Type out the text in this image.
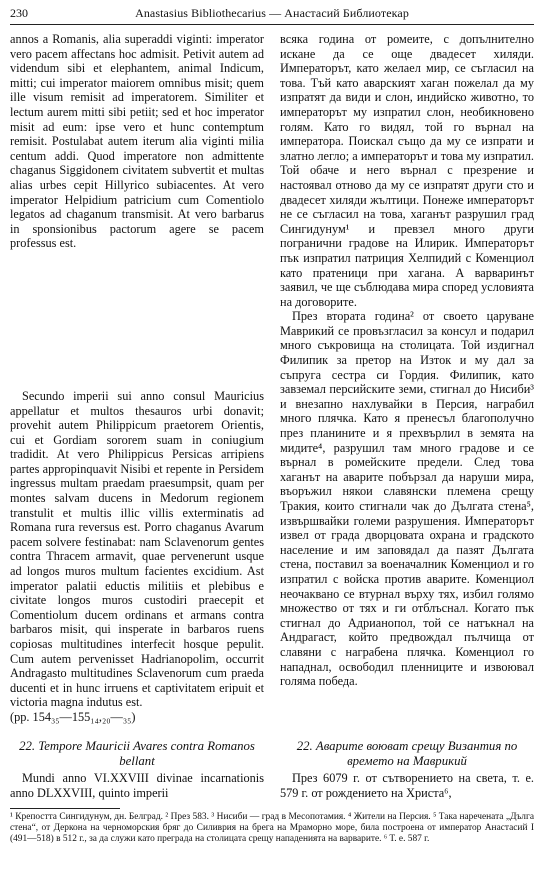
230	Anastasius Bibliothecarius — Анастасий Библиотекар

annos a Romanis, alia superaddi viginti: imperator vero pacem affectans hoc admisit. Petivit autem ad videndum sibi et elephantem, animal Indicum, mitti; cui imperator maiorem omnibus misit; quem ille visum remisit ad imperatorem. Similiter et lectum aurem mitti sibi petiit; sed et hoc imperator misit ad eum: ipse vero et hunc contemptum remisit. Postulabat autem iterum alia viginti milia centum addi. Quod imperatore non admittente chaganus Siggidonem civitatem subvertit et multas alias urbes cepit Hillyrico subiacentes. At vero imperator Helpidium patricium cum Comentiolo legatos ad chaganum transmisit. At vero barbarus in sponsionibus pactorum agere se pacem professus est.

Secundo imperii sui anno consul Mauricius appellatur et multos thesauros urbi donavit; provehit autem Philippicum praetorem Orientis, cui et Gordiam sororem suam in coniugium tradidit. At vero Philippicus Persicas arripiens partes appropinquavit Nisibi et repente in Persidem ingressus multam praedam praesumpsit, quam per montes salvam ducens in Medorum regionem transtulit et multis illic villis exterminatis ad Romana rura reversus est. Porro chaganus Avarum pacem solvere festinabat: nam Sclavenorum gentes contra Thracem armavit, quae pervenerunt usque ad longos muros multum facientes excidium. Ast imperator palatii eductis militiis et plebibus e civitate longos muros custodiri praecepit et Comentiolum ducem ordinans et armans contra barbaros misit, qui insperate in barbaros ruens copiosas multitudines interfecit hosque pepulit. Cum autem pervenisset Hadrianopolim, occurrit Andragasto multitudines Sclavenorum cum praeda ducenti et in hunc irruens et captivitatem eripuit et victoria magna indutus est.

(pp. 154₃₅—155₁₄,₂₀—₃₅)

всяка година от ромеите, с допълнително искане да се още двадесет хиляди. Императорът, като желаел мир, се съгласил на това. Тъй като аварският хаган пожелал да му изпратят да види и слон, индийско животно, то императорът му изпратил слон, необикновено голям. Като го видял, той го върнал на императора. Поискал също да му се изпрати и златно легло; а императорът и това му изпратил. Той обаче и него върнал с презрение и настоявал отново да му се изпратят други сто и двадесет хиляди жълтици. Понеже императорът не се съгласил на това, хаганът разрушил град Сингидунум¹ и превзел много други погранични градове на Илирик. Императорът пък изпратил патриция Хелпидий с Коменциол като пратеници при хагана. А варваринът заявил, че ще съблюдава мира според условията на договорите.

През втората година² от своето царуване Маврикий се провъзгласил за консул и подарил много съкровища на столицата. Той издигнал Филипик за претор на Изток и му дал за съпруга сестра си Гордия. Филипик, като завземал персийските земи, стигнал до Нисиби³ и внезапно нахлувайки в Персия, награбил много плячка. Като я пренесъл благополучно през планините и я прехвърлил в земята на мидите⁴, разрушил там много градове и се върнал в ромейските предели. След това хаганът на аварите побързал да наруши мира, въоръжил някои славянски племена срещу Тракия, които стигнали чак до Дългата стена⁵, извършвайки големи разрушения. Императорът извел от града дворцовата охрана и градското население и им заповядал да пазят Дългата стена, поставил за военачалник Коменциол и го изпратил с войска против аварите. Коменциол неочаквано се втурнал върху тях, избил голямо множество от тях и ги отблъснал. Когато пък стигнал до Адрианопол, той се натъкнал на Андрагаст, който предвождал пълчища от славяни с награбена плячка. Коменциол го нападнал, освободил пленниците и извоювал голяма победа.

22. Tempore Mauricii Avares contra Romanos bellant
22. Аварите воюват срещу Византия по времето на Маврикий

Mundi anno VI.XXVIII divinae incarnationis anno DLXXVIII, quinto imperii

През 6079 г. от сътворението на света, т. е. 579 г. от рождението на Христа⁶,

¹ Крепостта Сингидунум, дн. Белград. ² През 583. ³ Нисиби — град в Месопотамия. ⁴ Жители на Персия. ⁵ Така наречената „Дълга стена“, от Деркона на черноморския бряг до Силиврия на брега на Мраморно море, била построена от император Анастасий I (491—518) в 512 г., за да служи като преграда на столицата срещу нападенията на варварите. ⁶ Т. е. 587 г.
